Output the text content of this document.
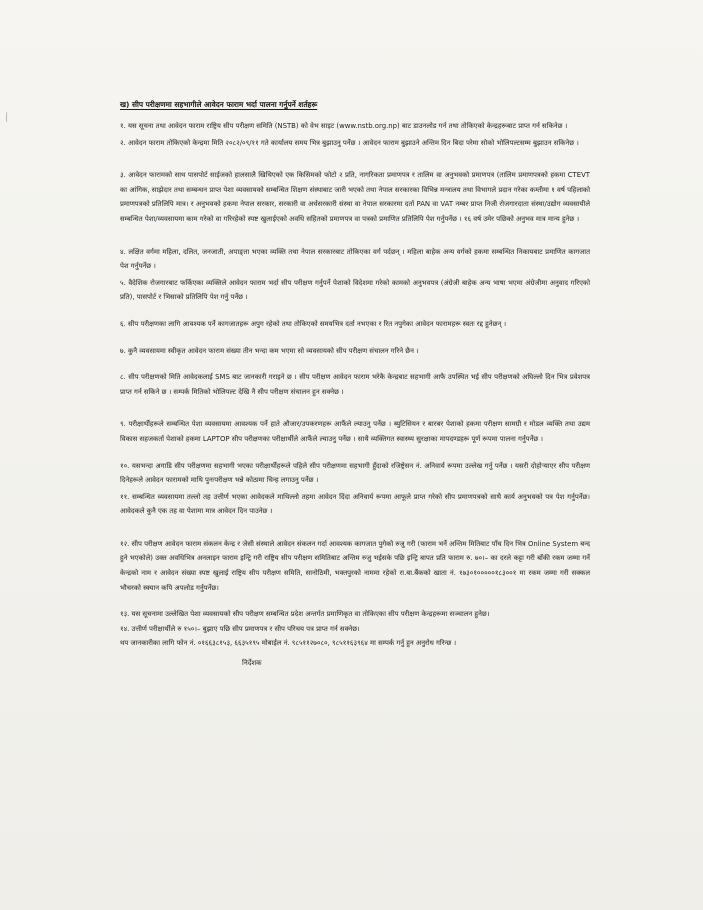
ख) सीप परीक्षणमा सहभागीले आवेदन फाराम भर्दा पालना गर्नुपर्ने शर्तहरू

१. यस सूचना तथा आवेदन फाराम राष्ट्रिय सीप परीक्षण समिति (NSTB) को वेभ साइट (www.nstb.org.np) बाट डाउनलोड गर्न तथा तोकिएको केन्द्रहरूबाट प्राप्त गर्न सकिनेछ ।

२. आवेदन फाराम तोकिएको केन्द्रमा मिति २०८२/०९/११ गते कार्यालय समय भित्र बुझाउनु पर्नेछ । आवेदन फाराम बुझाउने अन्तिम दिन बिदा परेमा सोको भोलिपल्टसम्म बुझाउन सकिनेछ ।

३. आवेदन फारामको साथ पासपोर्ट साईजको हालसालै खिचिएको एक किसिमको फोटो २ प्रति, नागरिकता प्रमाणपत्र र तालिम वा अनुभवको प्रमाणपत्र (तालिम प्रमाणपत्रको हकमा CTEVT का आंगिक, साझेदार तथा सम्बन्धन प्राप्त पेशा व्यवसायको सम्बन्धित शिक्षण संस्थाबाट जारी भएको तथा नेपाल सरकारका विभिन्न मन्त्रालय तथा विभागले प्रदान गरेका कम्तीमा १ वर्ष पहिलाको प्रमाणपत्रको प्रतिलिपि मात्र। र अनुभवको हकमा नेपाल सरकार, सरकारी वा अर्धसरकारी संस्था वा नेपाल सरकारमा दर्ता PAN वा VAT नम्बर प्राप्त निजी रोजगारदाता संस्था/उद्योग व्यवसायीले सम्बन्धित पेशा/व्यवसायमा काम गरेको वा गरिरहेको स्पष्ट खुलाईएको अवधि सहितको प्रमाणपत्र वा पत्रको प्रमाणित प्रतिलिपि पेश गर्नुपर्नेछ । १६ वर्ष उमेर पछिको अनुभव मात्र मान्य हुनेछ ।

४. लक्षित वर्गमा महिला, दलित, जनजाती, अपाङ्ता भएका व्यक्ति तथा नेपाल सरकारबाट तोकिएका वर्ग पर्दछन् । महिला बाहेक अन्य वर्गको हकमा सम्बन्धित निकायबाट प्रमाणित कागजात पेश गर्नुपर्नेछ ।

५. वैदेशिक रोजगारबाट फर्किएका व्यक्तिले आवेदन फाराम भर्दा सीप परीक्षण गर्नुपर्ने पेशाको विदेशमा गरेको कामको अनुभवपत्र (अंग्रेजी बाहेक अन्य भाषा भएमा अंग्रेजीमा अनुवाद गरिएको प्रति), पासपोर्ट र भिसाको प्रतिलिपि पेश गर्नु पर्नेछ ।

६. सीप परीक्षणका लागि आवश्यक पर्ने कागजातहरू अपुग रहेको तथा तोकिएको समयभित्र दर्ता नभएका र रित नपुगेका आवेदन फारामहरू स्वतः रद्द हुनेछन् ।

७. कुनै व्यवसायमा स्वीकृत आवेदन फाराम संख्या तीन भन्दा कम भएमा सो व्यवसायको सीप परीक्षण संचालन गरिने छैन ।

८. सीप परीक्षणको मिति आवेदकलाई SMS बाट जानकारी गराइने छ । सीप परीक्षण आवेदन फाराम भरेकै केन्द्रबाट सहभागी आफै उपस्थित भई सीप परीक्षणको अघिल्लो दिन भित्र प्रवेशपत्र प्राप्त गर्न सकिने छ । सम्पर्क मितिको भोलिपल्ट देखि नै सीप परीक्षण संचालन हुन सक्नेछ ।

९. परीक्षार्थीहरूले सम्बन्धित पेशा व्यवसायमा आवश्यक पर्ने हाते औजार/उपकरणहरू आफैंले ल्याउनु पर्नेछ । ब्युटिसियन र बारबर पेशाको हकमा परीक्षण सामग्री र मोडल व्यक्ति तथा उद्यम विकास सहजकर्ता पेशाको हकमा LAPTOP सीप परीक्षणका परीक्षार्थीले आफैंले ल्याउनु पर्नेछ । साथै व्यक्तिगत स्वास्थ्य सुरक्षाका मापदण्डहरू पूर्ण रूपमा पालना गर्नुपर्नेछ ।

१०. यसभन्दा अगाडि सीप परीक्षणमा सहभागी भएका परीक्षार्थीहरूले पहिले सीप परीक्षणमा सहभागी हुँदाको रजिष्ट्रेसन नं. अनिवार्य रूपमा उल्लेख गर्नु पर्नेछ । यसरी दोहोऱ्याएर सीप परीक्षण दिनेहरूले आवेदन फारामको माथि पुनःपरीक्षण भन्ने कोठामा चिन्ह लगाउनु पर्नेछ ।

११. सम्बन्धित व्यवसायमा तल्लो तह उत्तीर्ण भएका आवेदकले माथिल्लो तहमा आवेदन दिंदा अनिवार्य रूपमा आफूले प्राप्त गरेको सीप प्रमाणपत्रको साथै कार्य अनुभवको पत्र पेश गर्नुपर्नेछ। आवेदकले कुनै एक तह वा पेशामा मात्र आवेदन दिन पाउनेछ ।

१२. सीप परीक्षण आवेदन फाराम संकलन केन्द्र र जेसी संस्थाले आवेदन संकलन गर्दा आवश्यक कागजात पुगेको रुजु गरी (फाराम भर्ने अन्तिम मितिबाट पाँच दिन भित्र Online System बन्द हुने भएकोले) उक्त अवधिभित्र अनलाइन फाराम इन्ट्रि गरी राष्ट्रिय सीप परीक्षण समितिबाट अन्तिम रुजु भईसके पछि इन्ट्रि बापत प्रति फाराम रु. ७०।– का दरले कट्टा गरी बाँकी रकम जम्मा गर्ने केन्द्रको नाम र आवेदन संख्या स्पष्ट खुलाई राष्ट्रिय सीप परीक्षण समिति, सानोठिमी, भक्तपुरको नाममा रहेको रा.बा.बैंकको खाता नं. १७३०१०००००१८३००१ मा रकम जम्मा गरी सक्कल भौचरको स्क्यान कपि अपलोड गर्नुपर्नेछ।

१३. यस सूचनामा उल्लेखित पेशा व्यवसायको सीप परीक्षण सम्बन्धित प्रदेश अन्तर्गत प्रमाणिकृत वा तोकिएका सीप परीक्षण केन्द्रहरूमा सञ्चालन हुनेछ।

१४. उत्तीर्ण परीक्षार्थीले रु १५०।– बुझाए पछि सीप प्रमाणपत्र र सीप परिचय पत्र प्राप्त गर्न सक्नेछ।

थप जानकारीका लागि फोन नं. ०१६६३८१५३, ६६३५१९५ मोबाईल नं. ९८५११२७०८०, ९८५११६३९६४ मा सम्पर्क गर्नु हुन अनुरोध गरिन्छ ।

निर्देशक
